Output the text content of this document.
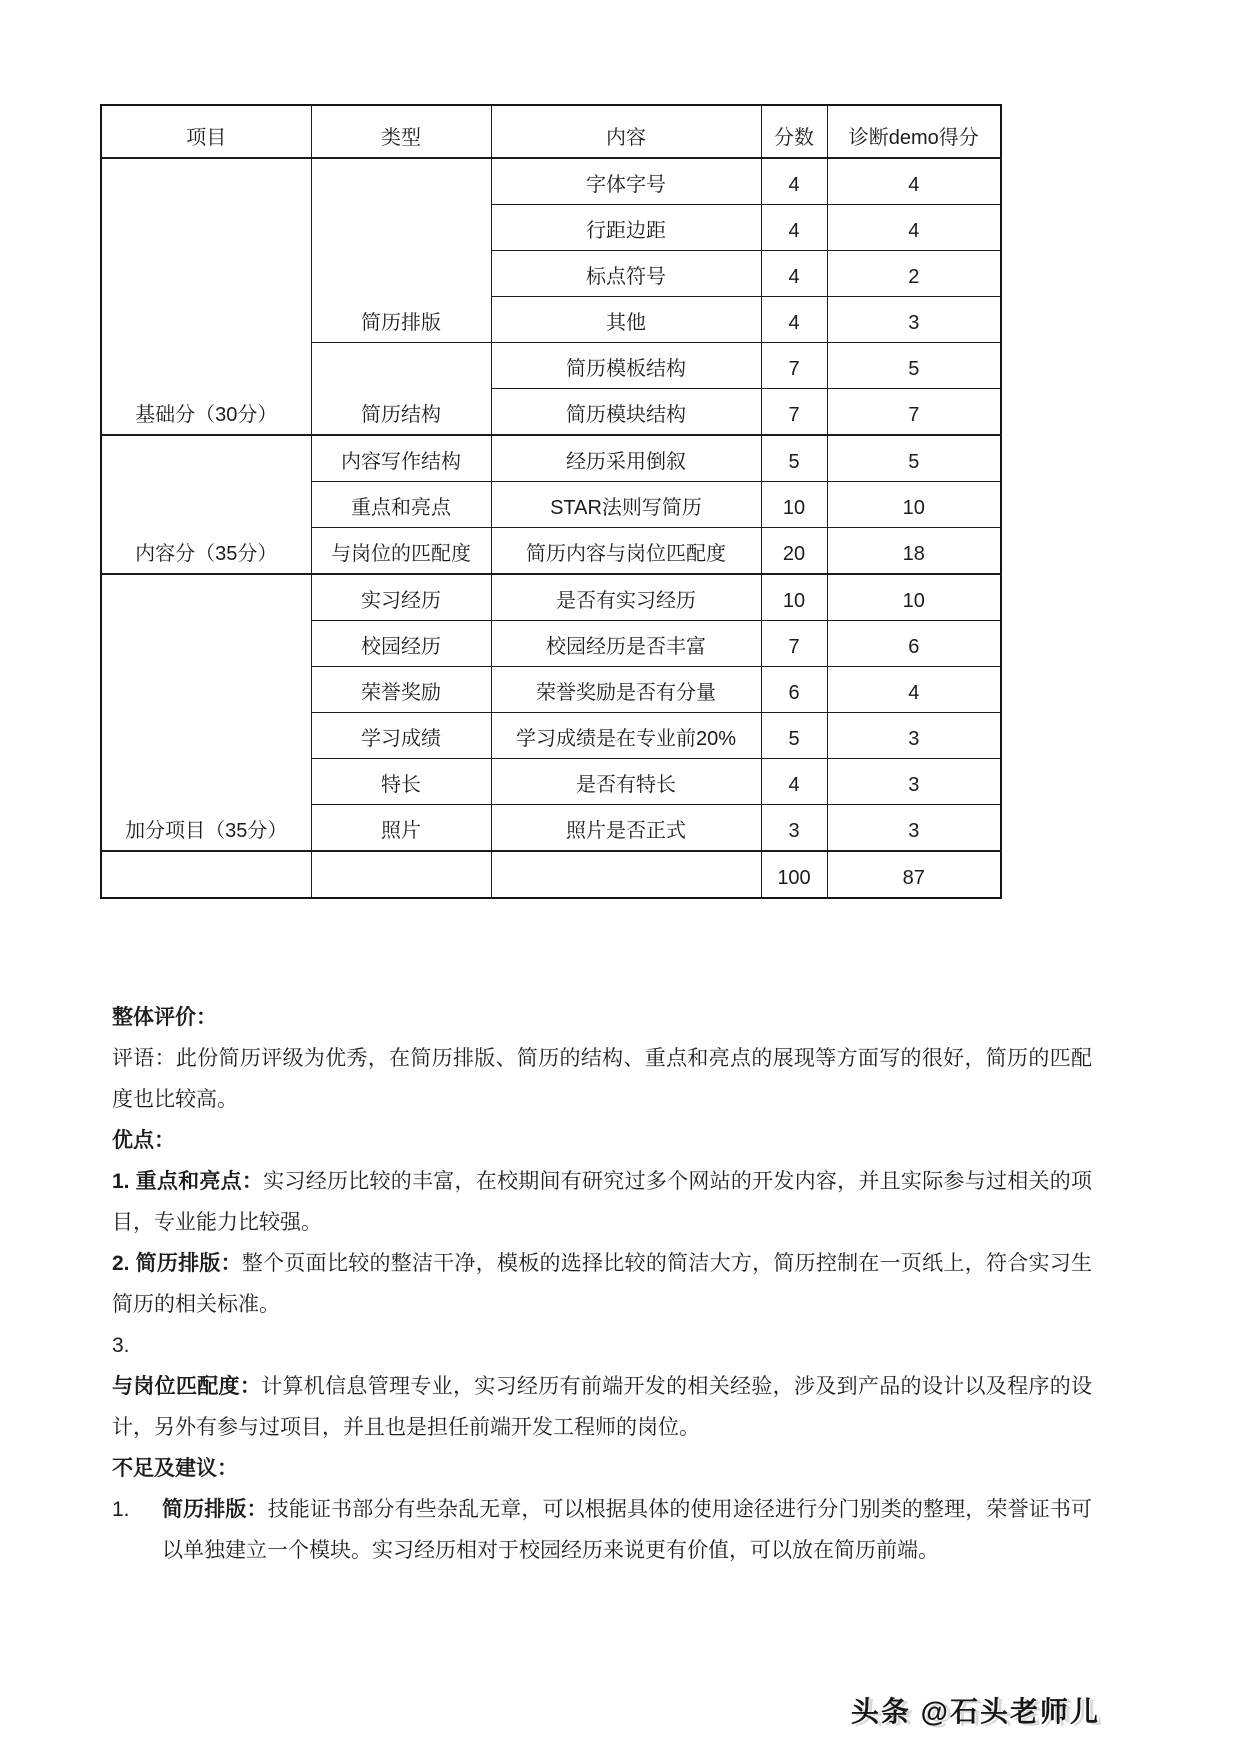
项目	类型	内容	分数	诊断demo得分
基础分（30分）	简历排版	字体字号	4	4
		行距边距	4	4
		标点符号	4	2
		其他	4	3
	简历结构	简历模板结构	7	5
		简历模块结构	7	7
内容分（35分）	内容写作结构	经历采用倒叙	5	5
	重点和亮点	STAR法则写简历	10	10
	与岗位的匹配度	简历内容与岗位匹配度	20	18
加分项目（35分）	实习经历	是否有实习经历	10	10
	校园经历	校园经历是否丰富	7	6
	荣誉奖励	荣誉奖励是否有分量	6	4
	学习成绩	学习成绩是在专业前20%	5	3
	特长	是否有特长	4	3
	照片	照片是否正式	3	3
			100	87

整体评价：

评语：此份简历评级为优秀，在简历排版、简历的结构、重点和亮点的展现等方面写的很好，简历的匹配度也比较高。

优点：

1. 重点和亮点：实习经历比较的丰富，在校期间有研究过多个网站的开发内容，并且实际参与过相关的项目，专业能力比较强。

2. 简历排版：整个页面比较的整洁干净，模板的选择比较的简洁大方，简历控制在一页纸上，符合实习生简历的相关标准。

3.

与岗位匹配度：计算机信息管理专业，实习经历有前端开发的相关经验，涉及到产品的设计以及程序的设计，另外有参与过项目，并且也是担任前端开发工程师的岗位。

不足及建议：

1. 简历排版：技能证书部分有些杂乱无章，可以根据具体的使用途径进行分门别类的整理，荣誉证书可以单独建立一个模块。实习经历相对于校园经历来说更有价值，可以放在简历前端。

头条 @石头老师儿
